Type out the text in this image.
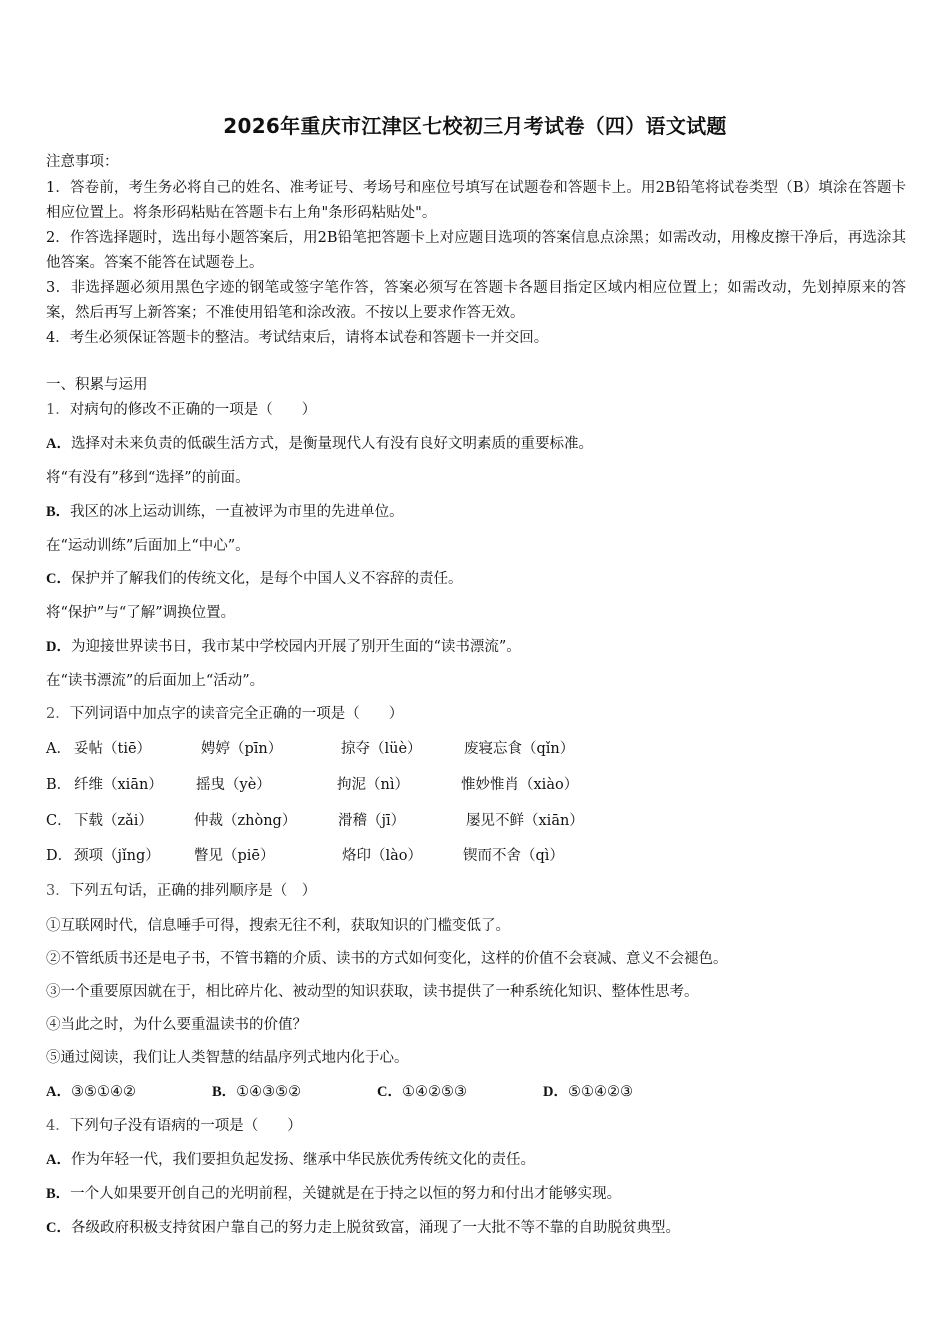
2026年重庆市江津区七校初三月考试卷（四）语文试题
注意事项：

1．答卷前，考生务必将自己的姓名、准考证号、考场号和座位号填写在试题卷和答题卡上。用2B铅笔将试卷类型（B）填涂在答题卡相应位置上。将条形码粘贴在答题卡右上角"条形码粘贴处"。

2．作答选择题时，选出每小题答案后，用2B铅笔把答题卡上对应题目选项的答案信息点涂黑；如需改动，用橡皮擦干净后，再选涂其他答案。答案不能答在试题卷上。

3．非选择题必须用黑色字迹的钢笔或签字笔作答，答案必须写在答题卡各题目指定区域内相应位置上；如需改动，先划掉原来的答案，然后再写上新答案；不准使用铅笔和涂改液。不按以上要求作答无效。

4．考生必须保证答题卡的整洁。考试结束后，请将本试卷和答题卡一并交回。

一、积累与运用
1．对病句的修改不正确的一项是（　　）
A．选择对未来负责的低碳生活方式，是衡量现代人有没有良好文明素质的重要标准。
将“有没有”移到“选择”的前面。
B．我区的冰上运动训练，一直被评为市里的先进单位。
在“运动训练”后面加上“中心”。
C．保护并了解我们的传统文化，是每个中国人义不容辞的责任。
将“保护”与“了解”调换位置。
D．为迎接世界读书日，我市某中学校园内开展了别开生面的“读书漂流”。
在“读书漂流”的后面加上“活动”。
2．下列词语中加点字的读音完全正确的一项是（　　）
A． 妥帖（tiē）	娉婷（pīn）	掠夺（lüè）	废寝忘食（qǐn）
B． 纤维（xiān） 摇曳（yè）	拘泥（nì）	惟妙惟肖（xiào）
C． 下载（zǎi）	仲裁（zhòng）	滑稽（jī）	屡见不鲜（xiān）
D． 颈项（jǐng） 瞥见（piē）	烙印（lào）	锲而不舍（qì）
3．下列五句话，正确的排列顺序是（　）
①互联网时代，信息唾手可得，搜索无往不利，获取知识的门槛变低了。
②不管纸质书还是电子书，不管书籍的介质、读书的方式如何变化，这样的价值不会衰减、意义不会褪色。
③一个重要原因就在于，相比碎片化、被动型的知识获取，读书提供了一种系统化知识、整体性思考。
④当此之时，为什么要重温读书的价值？
⑤通过阅读，我们让人类智慧的结晶序列式地内化于心。
A．③⑤①④②	B．①④③⑤②	C．①④②⑤③	D．⑤①④②③
4．下列句子没有语病的一项是（　　）
A．作为年轻一代，我们要担负起发扬、继承中华民族优秀传统文化的责任。
B．一个人如果要开创自己的光明前程，关键就是在于持之以恒的努力和付出才能够实现。
C．各级政府积极支持贫困户靠自己的努力走上脱贫致富，涌现了一大批不等不靠的自助脱贫典型。
